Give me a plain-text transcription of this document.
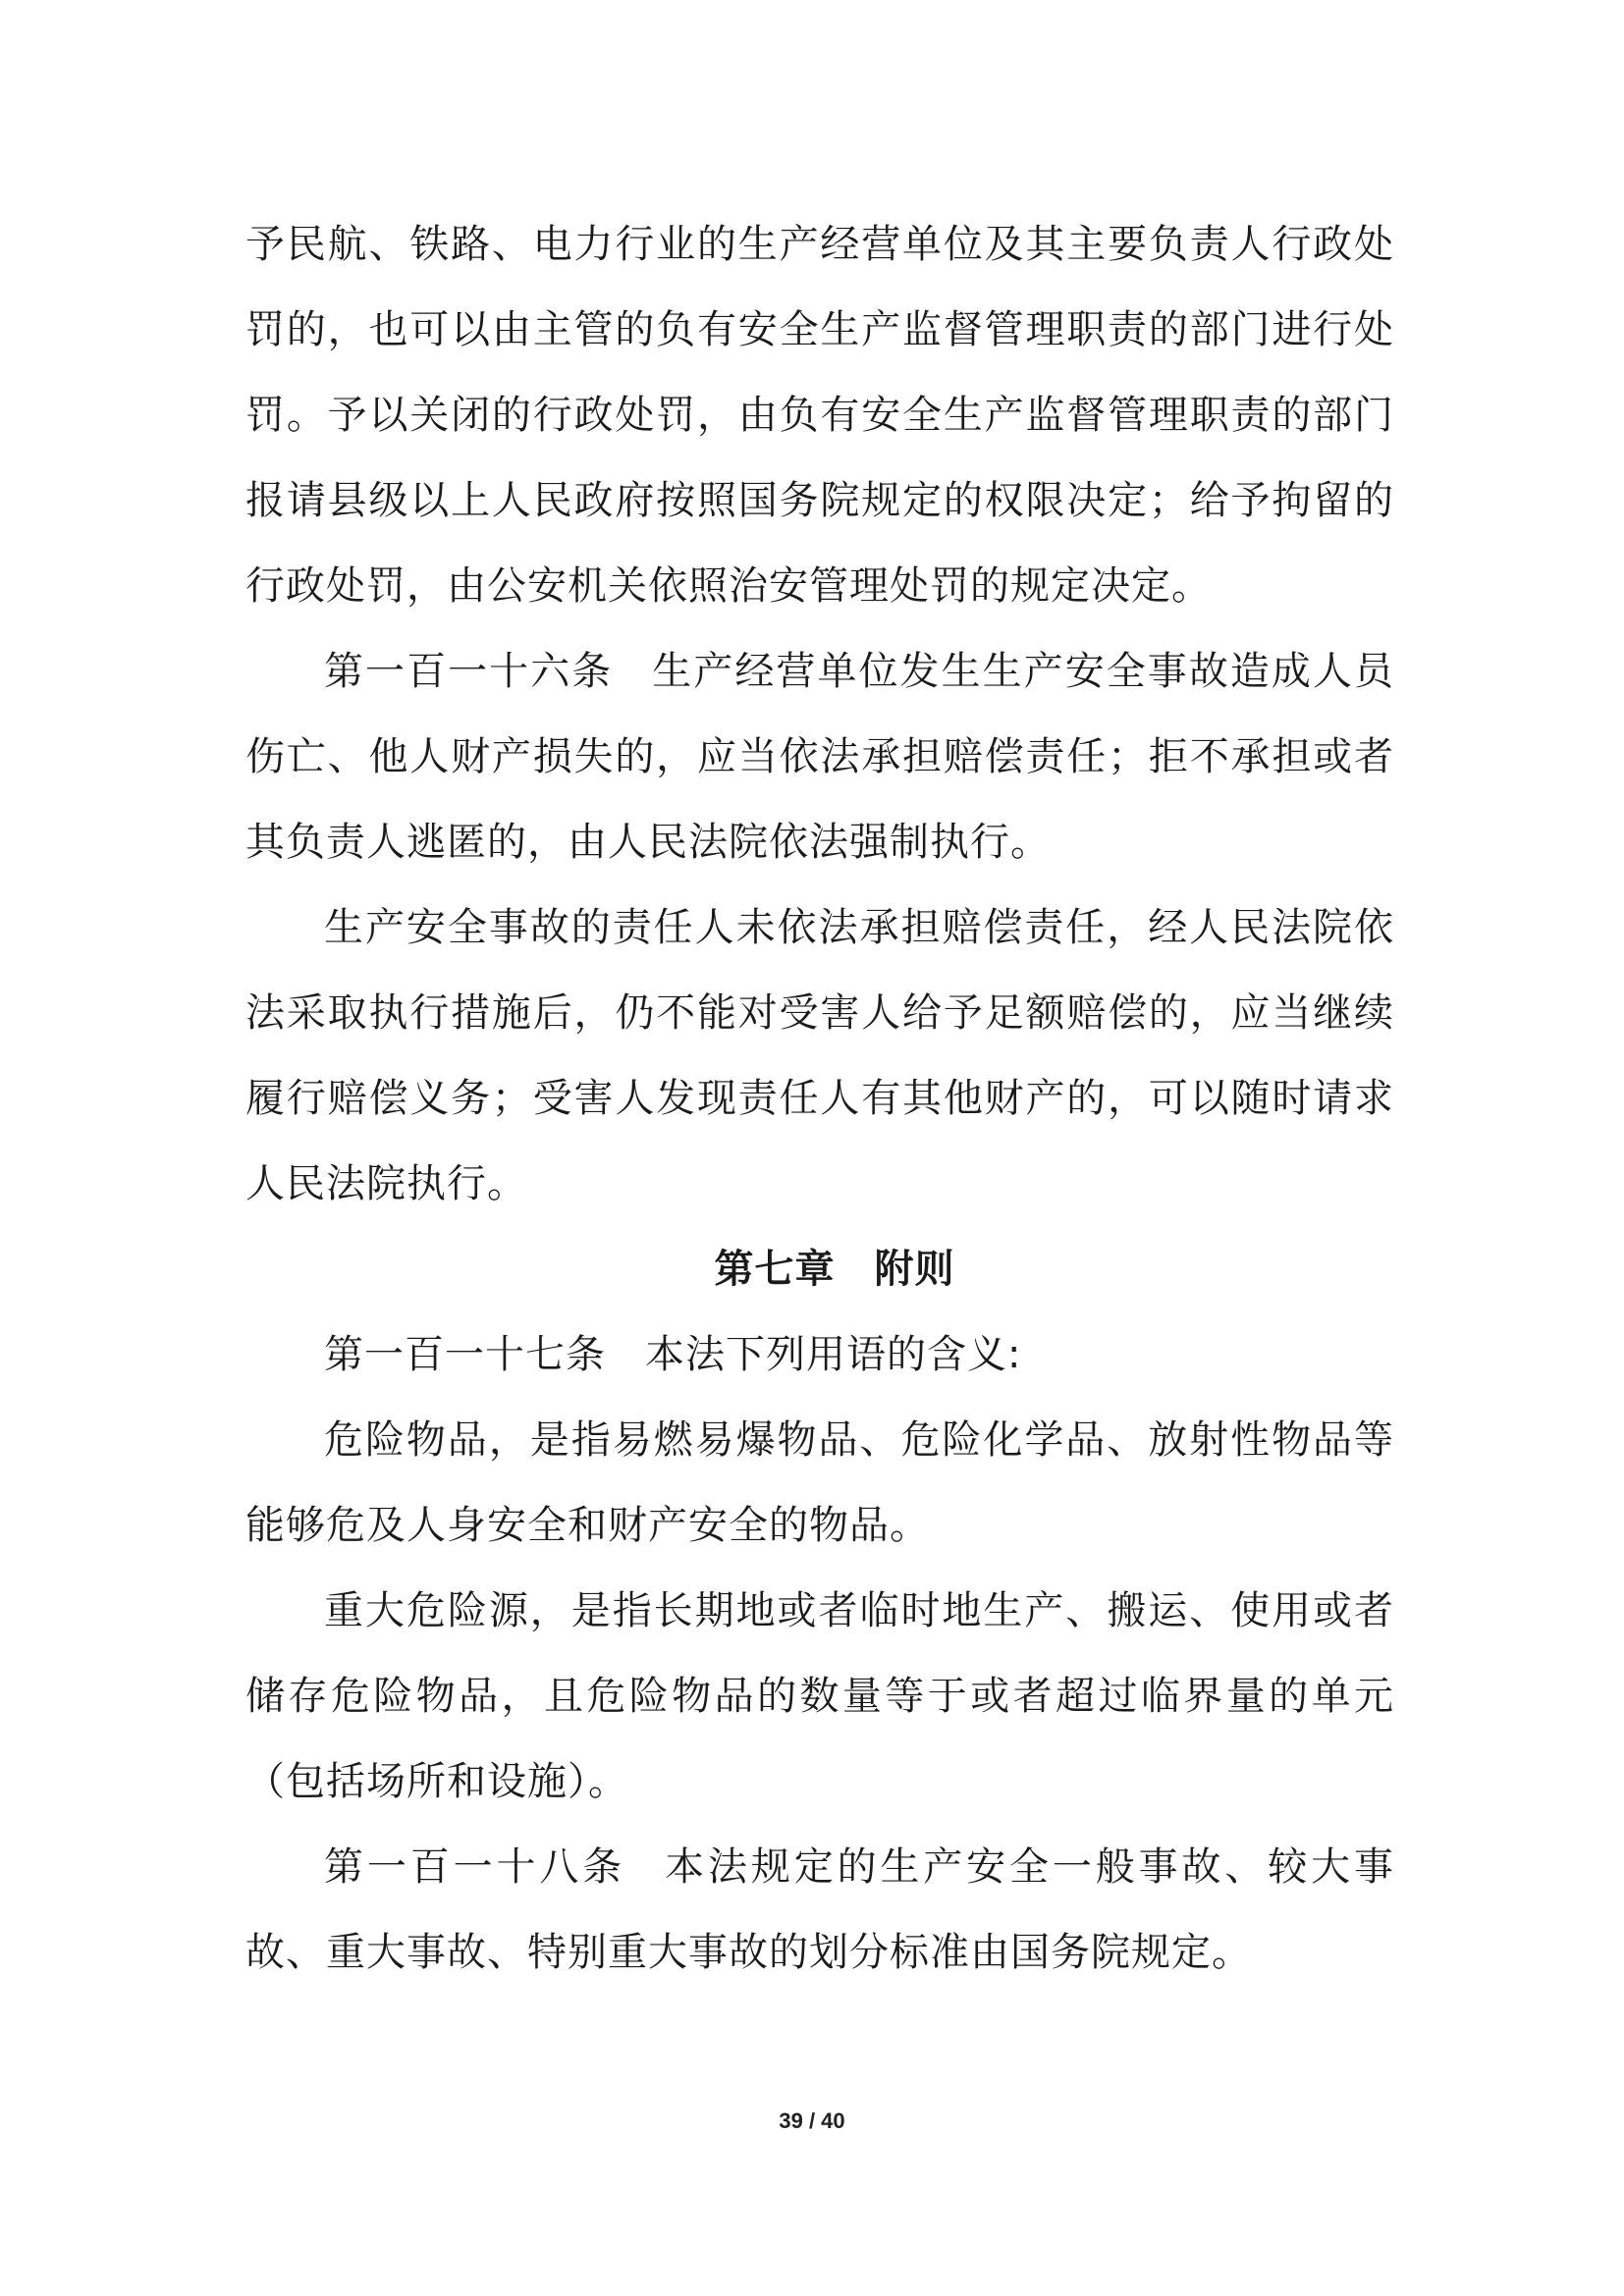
予民航、铁路、电力行业的生产经营单位及其主要负责人行政处罚的，也可以由主管的负有安全生产监督管理职责的部门进行处罚。予以关闭的行政处罚，由负有安全生产监督管理职责的部门报请县级以上人民政府按照国务院规定的权限决定；给予拘留的行政处罚，由公安机关依照治安管理处罚的规定决定。

第一百一十六条 生产经营单位发生生产安全事故造成人员伤亡、他人财产损失的，应当依法承担赔偿责任；拒不承担或者其负责人逃匿的，由人民法院依法强制执行。

生产安全事故的责任人未依法承担赔偿责任，经人民法院依法采取执行措施后，仍不能对受害人给予足额赔偿的，应当继续履行赔偿义务；受害人发现责任人有其他财产的，可以随时请求人民法院执行。

第七章 附则

第一百一十七条 本法下列用语的含义:

危险物品，是指易燃易爆物品、危险化学品、放射性物品等能够危及人身安全和财产安全的物品。

重大危险源，是指长期地或者临时地生产、搬运、使用或者储存危险物品，且危险物品的数量等于或者超过临界量的单元（包括场所和设施）。

第一百一十八条 本法规定的生产安全一般事故、较大事故、重大事故、特别重大事故的划分标准由国务院规定。

39 / 40
